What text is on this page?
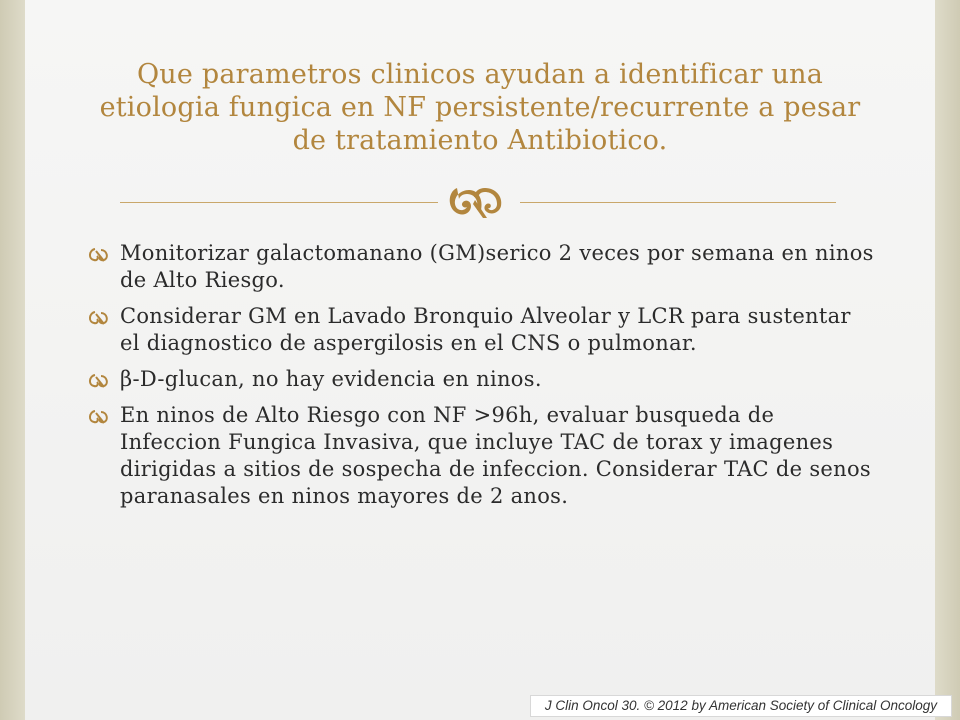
Que parametros clinicos ayudan a identificar una etiologia fungica en NF persistente/recurrente a pesar de tratamiento Antibiotico.
Monitorizar galactomanano (GM)serico 2 veces por semana en ninos de Alto Riesgo.
Considerar GM en Lavado Bronquio Alveolar y LCR para sustentar el diagnostico de aspergilosis en el CNS o pulmonar.
β-D-glucan, no hay evidencia en ninos.
En ninos de Alto Riesgo con NF >96h, evaluar busqueda de Infeccion Fungica Invasiva, que incluye TAC de torax y imagenes dirigidas a sitios de sospecha de infeccion. Considerar TAC de senos paranasales en ninos mayores de 2 anos.
J Clin Oncol 30. © 2012 by American Society of Clinical Oncology
